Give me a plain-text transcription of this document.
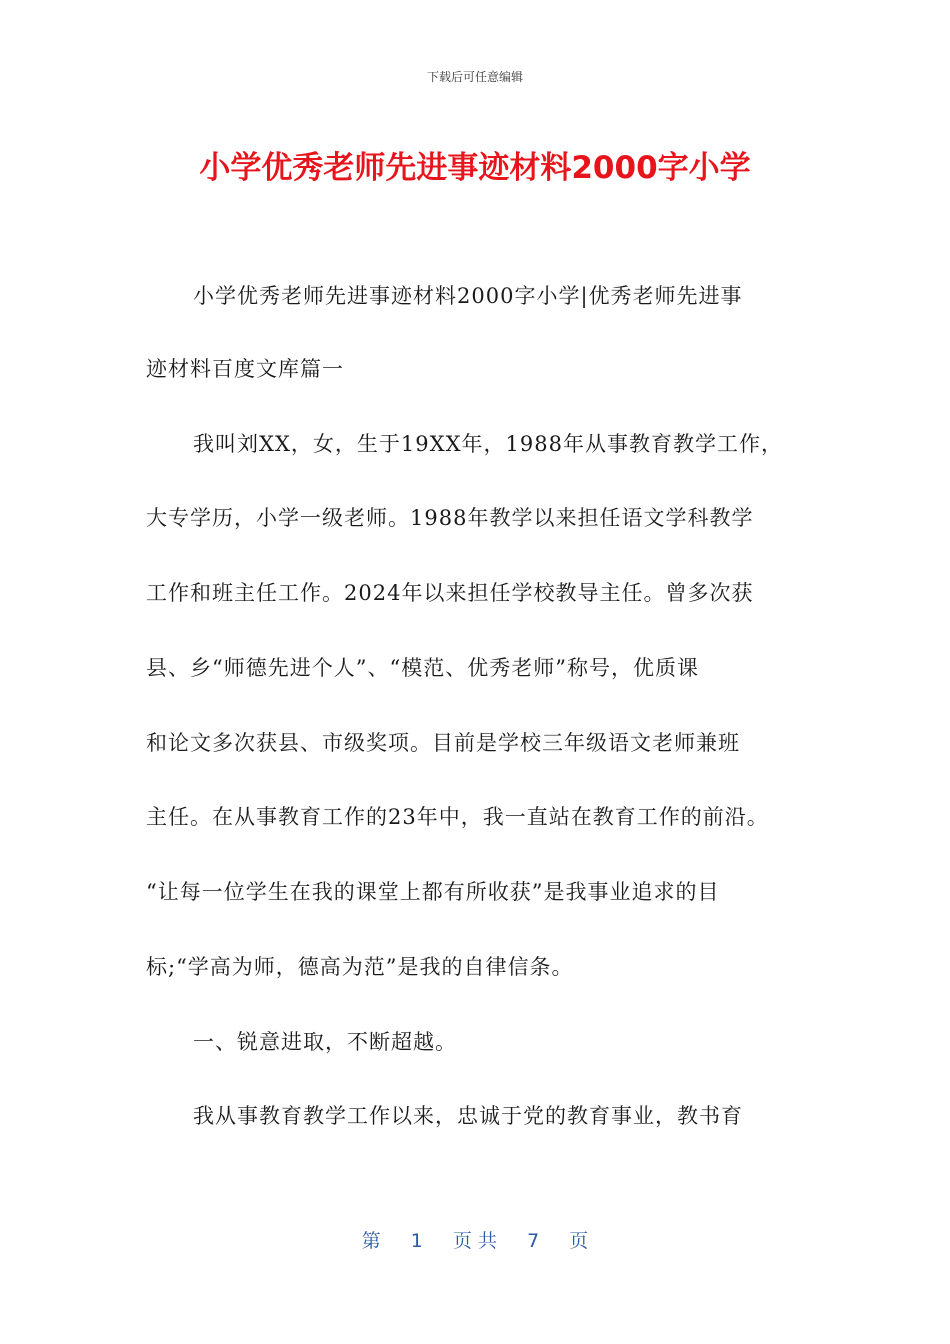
下载后可任意编辑
小学优秀老师先进事迹材料2000字小学
小学优秀老师先进事迹材料2000字小学|优秀老师先进事
迹材料百度文库篇一
我叫刘XX，女，生于19XX年，1988年从事教育教学工作，
大专学历，小学一级老师。1988年教学以来担任语文学科教学
工作和班主任工作。2024年以来担任学校教导主任。曾多次获
县、乡“师德先进个人”、“模范、优秀老师”称号，优质课
和论文多次获县、市级奖项。目前是学校三年级语文老师兼班
主任。在从事教育工作的23年中，我一直站在教育工作的前沿。
“让每一位学生在我的课堂上都有所收获”是我事业追求的目
标;“学高为师，德高为范”是我的自律信条。
一、锐意进取，不断超越。
我从事教育教学工作以来，忠诚于党的教育事业，教书育
第 1 页 共 7 页
